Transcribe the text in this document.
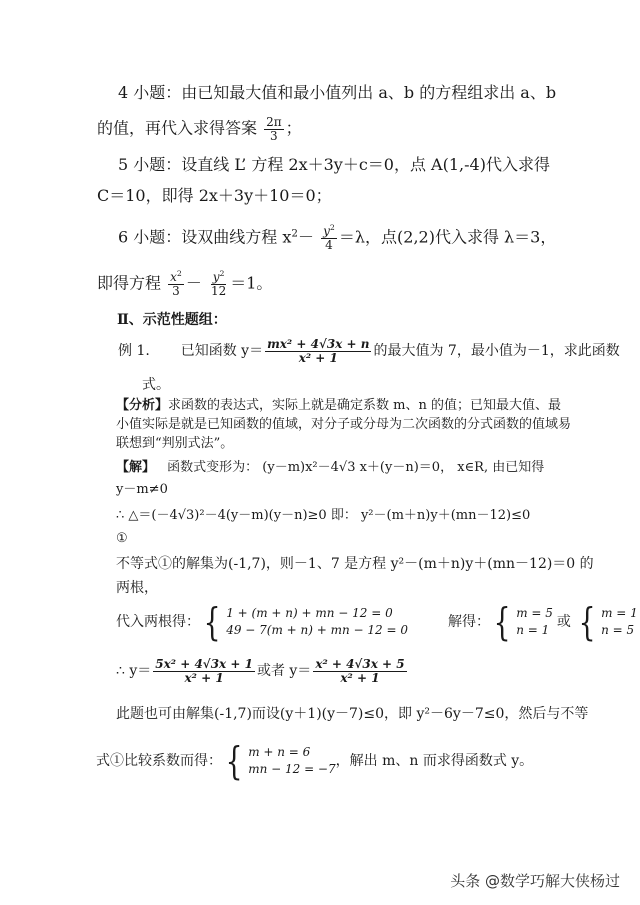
4 小题：由已知最大值和最小值列出 a、b 的方程组求出 a、b
的值，再代入求得答案 $\frac{2\pi}{3}$ ；
5 小题：设直线 L’ 方程 2x＋3y＋c＝0，点 A(1,-4)代入求得
C＝10，即得 2x＋3y＋10＝0；
6 小题：设双曲线方程 $x^2- \frac{y^2}{4} =\lambda$，点(2,2)代入求得 λ＝3，
即得方程 $\frac{x^2}{3} - \frac{y^2}{12} =1$。
Ⅱ、示范性题组：
例 1. 已知函数 $y= \frac{\text{mx² + 4√3x + n}}{\text{x² + 1}}$ 的最大值为 7，最小值为－1，求此函数
式。
【分析】求函数的表达式，实际上就是确定系数 m、n 的值；已知最大值、最
小值实际是就是已知函数的值域，对分子或分母为二次函数的分式函数的值域易
联想到“判别式法”。
【解】 函数式变形为： (y－m)x²－4√3 x＋(y－n)＝0， x∈R, 由已知得
y－m≠0
∴ △＝(－4√3)²－4(y－m)(y－n)≥0 即： y²－(m＋n)y＋(mn－12)≤0
①
不等式①的解集为(-1,7)，则－1、7 是方程 y²－(m＋n)y＋(mn－12)＝0 的
两根，
代入两根得： { 1 + (m + n) + mn − 12 = 0
49 − 7(m + n) + mn − 12 = 0
解得： { m = 5
n = 1
或 { m = 1
n = 5
∴ $y= \frac{\text{5x² + 4√3x + 1}}{\text{x² + 1}}$ 或者 $y= \frac{\text{x² + 4√3x + 5}}{\text{x² + 1}}$
此题也可由解集(-1,7)而设(y＋1)(y－7)≤0，即 y²－6y－7≤0，然后与不等
式①比较系数而得： { m + n = 6
mn − 12 = −7
，解出 m、n 而求得函数式 y。
头条 @数学巧解大侠杨过
